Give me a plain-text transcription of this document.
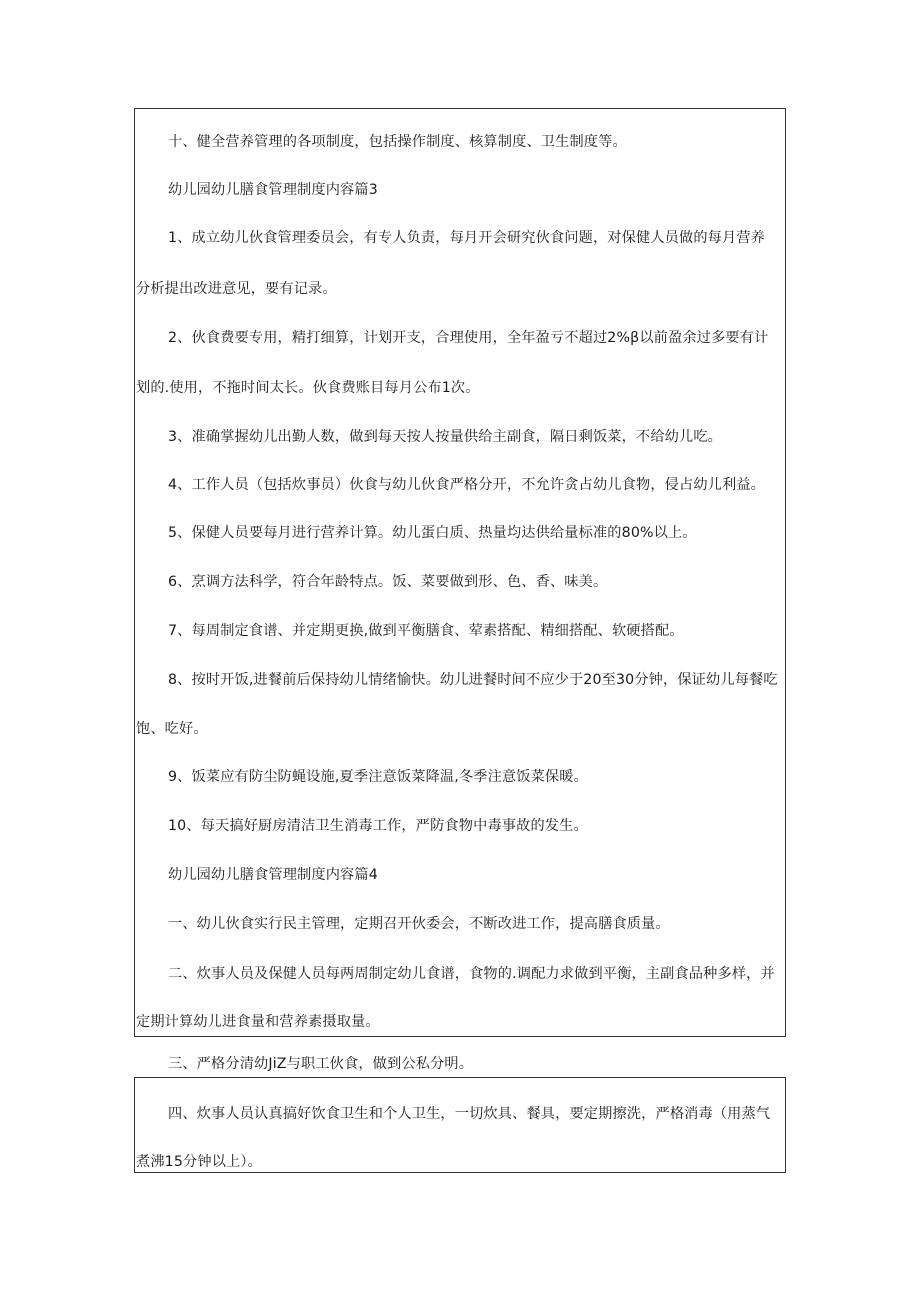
十、健全营养管理的各项制度，包括操作制度、核算制度、卫生制度等。
幼儿园幼儿膳食管理制度内容篇3
1、成立幼儿伙食管理委员会，有专人负责，每月开会研究伙食问题，对保健人员做的每月营养
分析提出改进意见，要有记录。
2、伙食费要专用，精打细算，计划开支，合理使用，全年盈亏不超过2%β以前盈余过多要有计
划的.使用，不拖时间太长。伙食费账目每月公布1次。
3、准确掌握幼儿出勤人数，做到每天按人按量供给主副食，隔日剩饭菜，不给幼儿吃。
4、工作人员（包括炊事员）伙食与幼儿伙食严格分开，不允许贪占幼儿食物，侵占幼儿利益。
5、保健人员要每月进行营养计算。幼儿蛋白质、热量均达供给量标准的80%以上。
6、烹调方法科学，符合年龄特点。饭、菜要做到形、色、香、味美。
7、每周制定食谱、并定期更换,做到平衡膳食、荤素搭配、精细搭配、软硬搭配。
8、按时开饭,进餐前后保持幼儿情绪愉快。幼儿进餐时间不应少于20至30分钟，保证幼儿每餐吃
饱、吃好。
9、饭菜应有防尘防蝇设施,夏季注意饭菜降温,冬季注意饭菜保暖。
10、每天搞好厨房清洁卫生消毒工作，严防食物中毒事故的发生。
幼儿园幼儿膳食管理制度内容篇4
一、幼儿伙食实行民主管理，定期召开伙委会，不断改进工作，提高膳食质量。
二、炊事人员及保健人员每两周制定幼儿食谱，食物的.调配力求做到平衡，主副食品种多样，并
定期计算幼儿进食量和营养素摄取量。
三、严格分清幼JiZ与职工伙食，做到公私分明。
四、炊事人员认真搞好饮食卫生和个人卫生，一切炊具、餐具，要定期擦洗，严格消毒（用蒸气
煮沸15分钟以上）。
